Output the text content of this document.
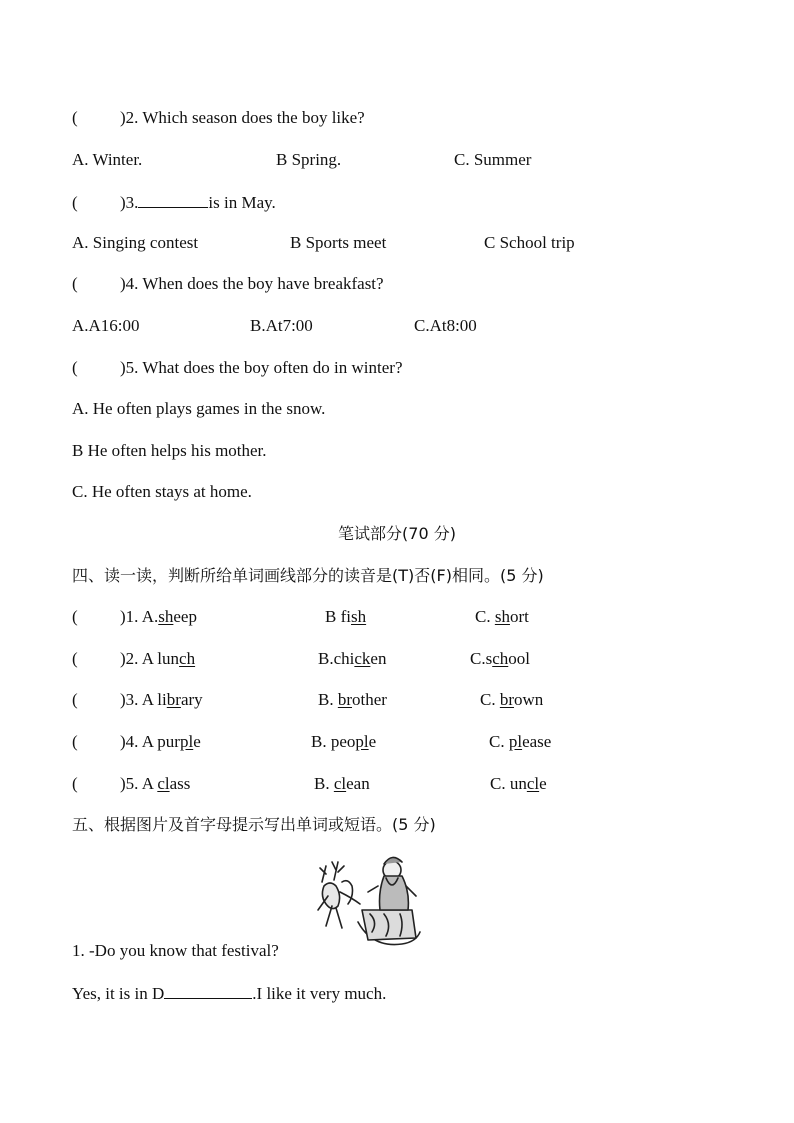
( )2. Which season does the boy like?
A. Winter.	B Spring.	C. Summer
( )3.	is in May.
A. Singing contest	B Sports meet	C School trip
( )4. When does the boy have breakfast?
A.A16:00	B.At7:00	C.At8:00
( )5. What does the boy often do in winter?
A. He often plays games in the snow.
B He often helps his mother.
C. He often stays at home.
笔试部分(70 分)
四、读一读，判断所给单词画线部分的读音是(T)否(F)相同。(5 分)
( )1. A.sheep	B fish	C. short
( )2. A lunch	B.chicken	C.school
( )3. A library	B. brother	C. brown
( )4. A purple	B. people	C. please
( )5. A class	B. clean	C. uncle
五、根据图片及首字母提示写出单词或短语。(5 分)
1. -Do you know that festival?
Yes, it is in D	.I like it very much.
